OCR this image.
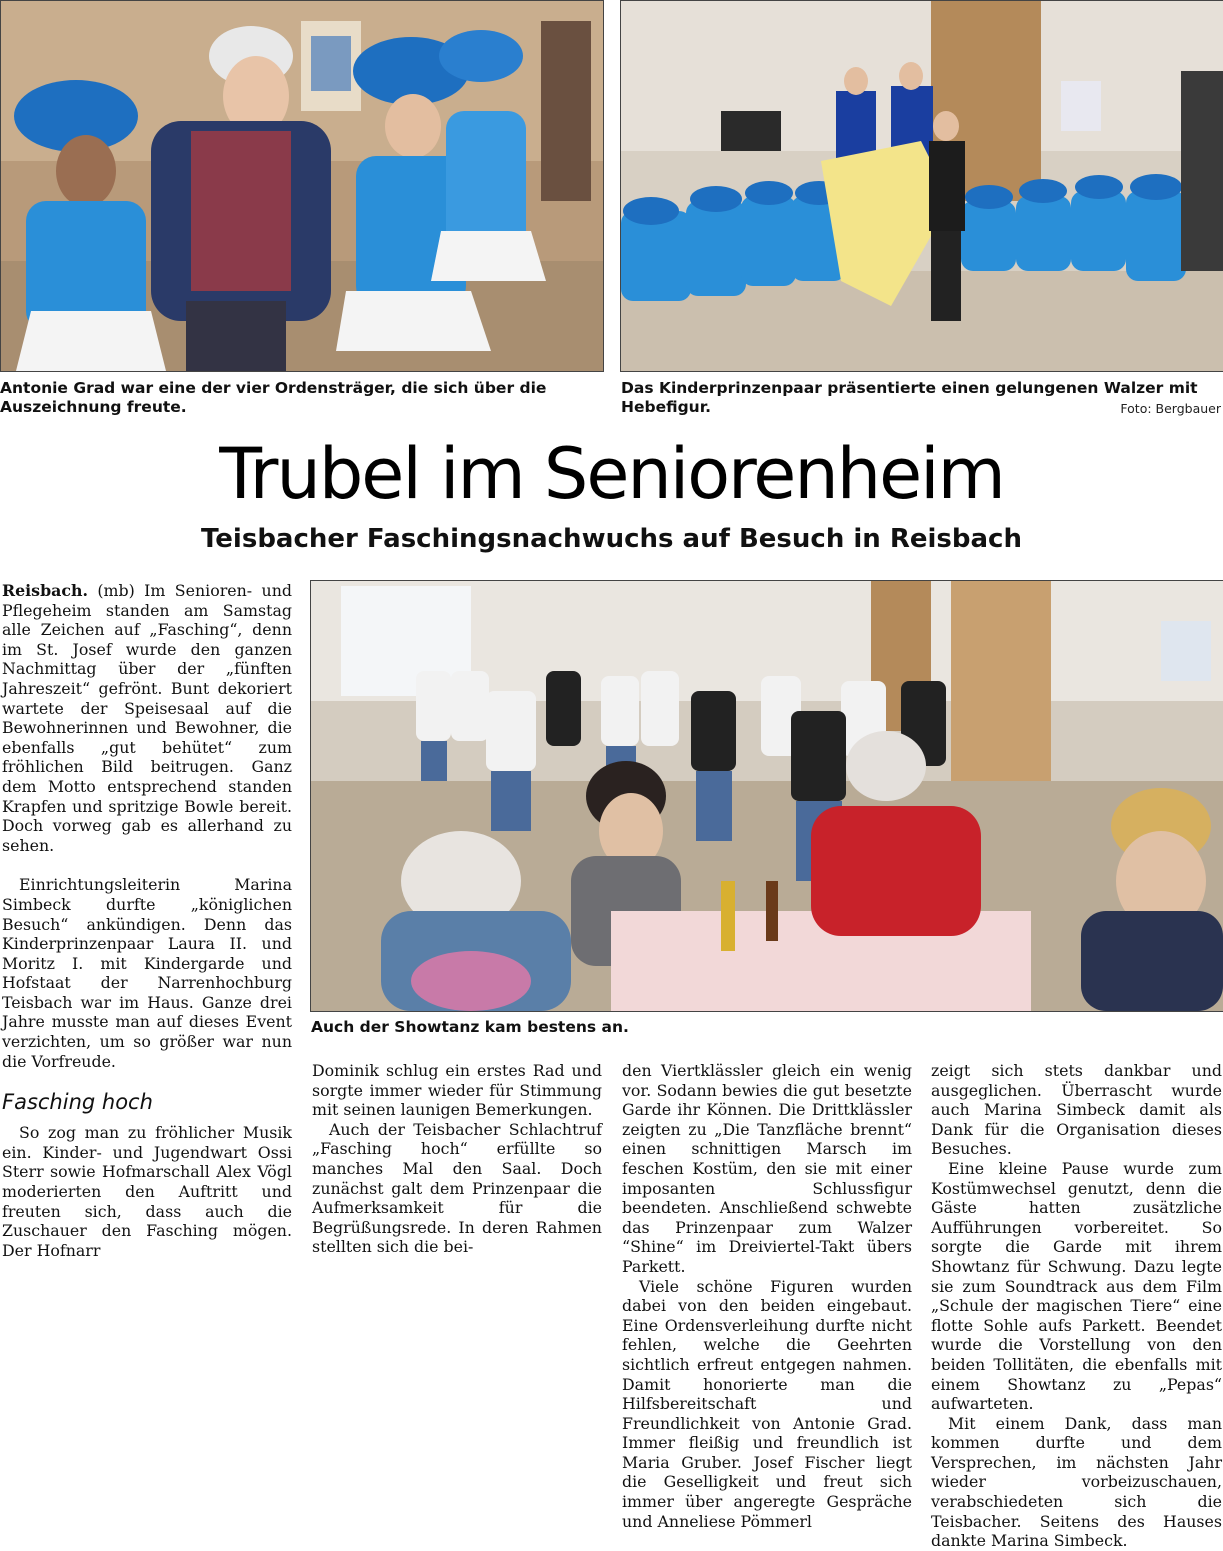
Antonie Grad war eine der vier Ordensträger, die sich über die Auszeichnung freute.
Das Kinderprinzenpaar präsentierte einen gelungenen Walzer mit Hebefigur.	Foto: Bergbauer
Trubel im Seniorenheim
Teisbacher Faschingsnachwuchs auf Besuch in Reisbach
Auch der Showtanz kam bestens an.

Reisbach. (mb) Im Senioren- und Pflegeheim standen am Samstag alle Zeichen auf „Fasching“, denn im St. Josef wurde den ganzen Nachmittag über der „fünften Jahreszeit“ gefrönt. Bunt dekoriert wartete der Speisesaal auf die Bewohnerinnen und Bewohner, die ebenfalls „gut behütet“ zum fröhlichen Bild beitrugen. Ganz dem Motto entsprechend standen Krapfen und spritzige Bowle bereit. Doch vorweg gab es allerhand zu sehen.

Einrichtungsleiterin Marina Simbeck durfte „königlichen Besuch“ ankündigen. Denn das Kinderprinzenpaar Laura II. und Moritz I. mit Kindergarde und Hofstaat der Narrenhochburg Teisbach war im Haus. Ganze drei Jahre musste man auf dieses Event verzichten, um so größer war nun die Vorfreude.

Fasching hoch

So zog man zu fröhlicher Musik ein. Kinder- und Jugendwart Ossi Sterr sowie Hofmarschall Alex Vögl moderierten den Auftritt und freuten sich, dass auch die Zuschauer den Fasching mögen. Der Hofnarr

Dominik schlug ein erstes Rad und sorgte immer wieder für Stimmung mit seinen launigen Bemerkungen.

Auch der Teisbacher Schlachtruf „Fasching hoch“ erfüllte so manches Mal den Saal. Doch zunächst galt dem Prinzenpaar die Aufmerksamkeit für die Begrüßungsrede. In deren Rahmen stellten sich die bei-

den Viertklässler gleich ein wenig vor. Sodann bewies die gut besetzte Garde ihr Können. Die Drittklässler zeigten zu „Die Tanzfläche brennt“ einen schnittigen Marsch im feschen Kostüm, den sie mit einer imposanten Schlussfigur beendeten. Anschließend schwebte das Prinzenpaar zum Walzer “Shine“ im Dreiviertel-Takt übers Parkett.

Viele schöne Figuren wurden dabei von den beiden eingebaut. Eine Ordensverleihung durfte nicht fehlen, welche die Geehrten sichtlich erfreut entgegen nahmen. Damit honorierte man die Hilfsbereitschaft und Freundlichkeit von Antonie Grad. Immer fleißig und freundlich ist Maria Gruber. Josef Fischer liegt die Geselligkeit und freut sich immer über angeregte Gespräche und Anneliese Pömmerl

zeigt sich stets dankbar und ausgeglichen. Überrascht wurde auch Marina Simbeck damit als Dank für die Organisation dieses Besuches.

Eine kleine Pause wurde zum Kostümwechsel genutzt, denn die Gäste hatten zusätzliche Aufführungen vorbereitet. So sorgte die Garde mit ihrem Showtanz für Schwung. Dazu legte sie zum Soundtrack aus dem Film „Schule der magischen Tiere“ eine flotte Sohle aufs Parkett. Beendet wurde die Vorstellung von den beiden Tollitäten, die ebenfalls mit einem Showtanz zu „Pepas“ aufwarteten.

Mit einem Dank, dass man kommen durfte und dem Versprechen, im nächsten Jahr wieder vorbeizuschauen, verabschiedeten sich die Teisbacher. Seitens des Hauses dankte Marina Simbeck.
